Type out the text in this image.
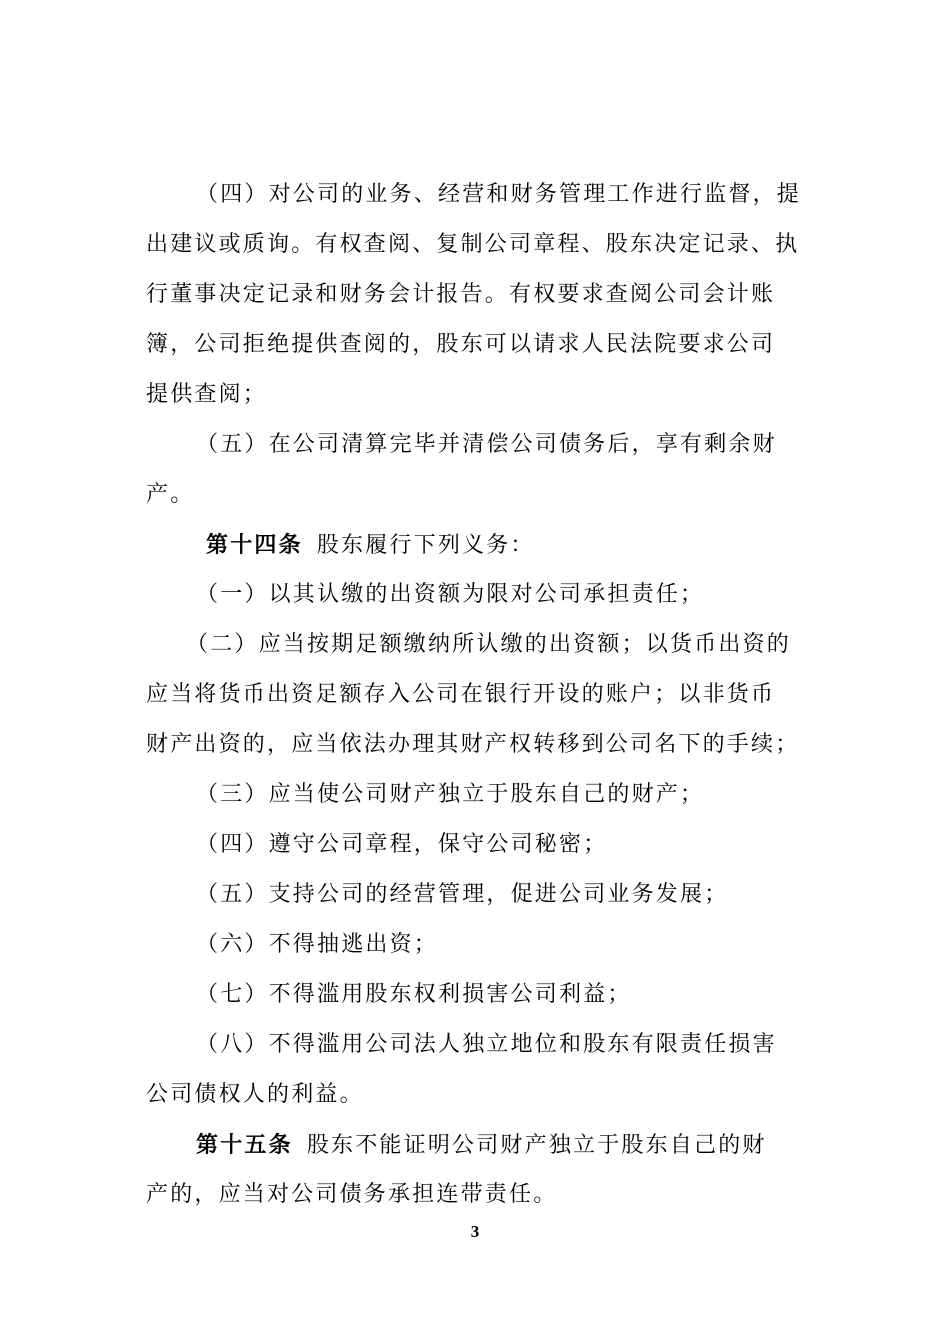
（四）对公司的业务、经营和财务管理工作进行监督，提
出建议或质询。有权查阅、复制公司章程、股东决定记录、执
行董事决定记录和财务会计报告。有权要求查阅公司会计账
簿，公司拒绝提供查阅的，股东可以请求人民法院要求公司
提供查阅；
（五）在公司清算完毕并清偿公司债务后，享有剩余财
产。
第十四条 股东履行下列义务：
（一）以其认缴的出资额为限对公司承担责任；
（二）应当按期足额缴纳所认缴的出资额；以货币出资的
应当将货币出资足额存入公司在银行开设的账户；以非货币
财产出资的，应当依法办理其财产权转移到公司名下的手续；
（三）应当使公司财产独立于股东自己的财产；
（四）遵守公司章程，保守公司秘密；
（五）支持公司的经营管理，促进公司业务发展；
（六）不得抽逃出资；
（七）不得滥用股东权利损害公司利益；
（八）不得滥用公司法人独立地位和股东有限责任损害
公司债权人的利益。
第十五条 股东不能证明公司财产独立于股东自己的财
产的，应当对公司债务承担连带责任。
3
